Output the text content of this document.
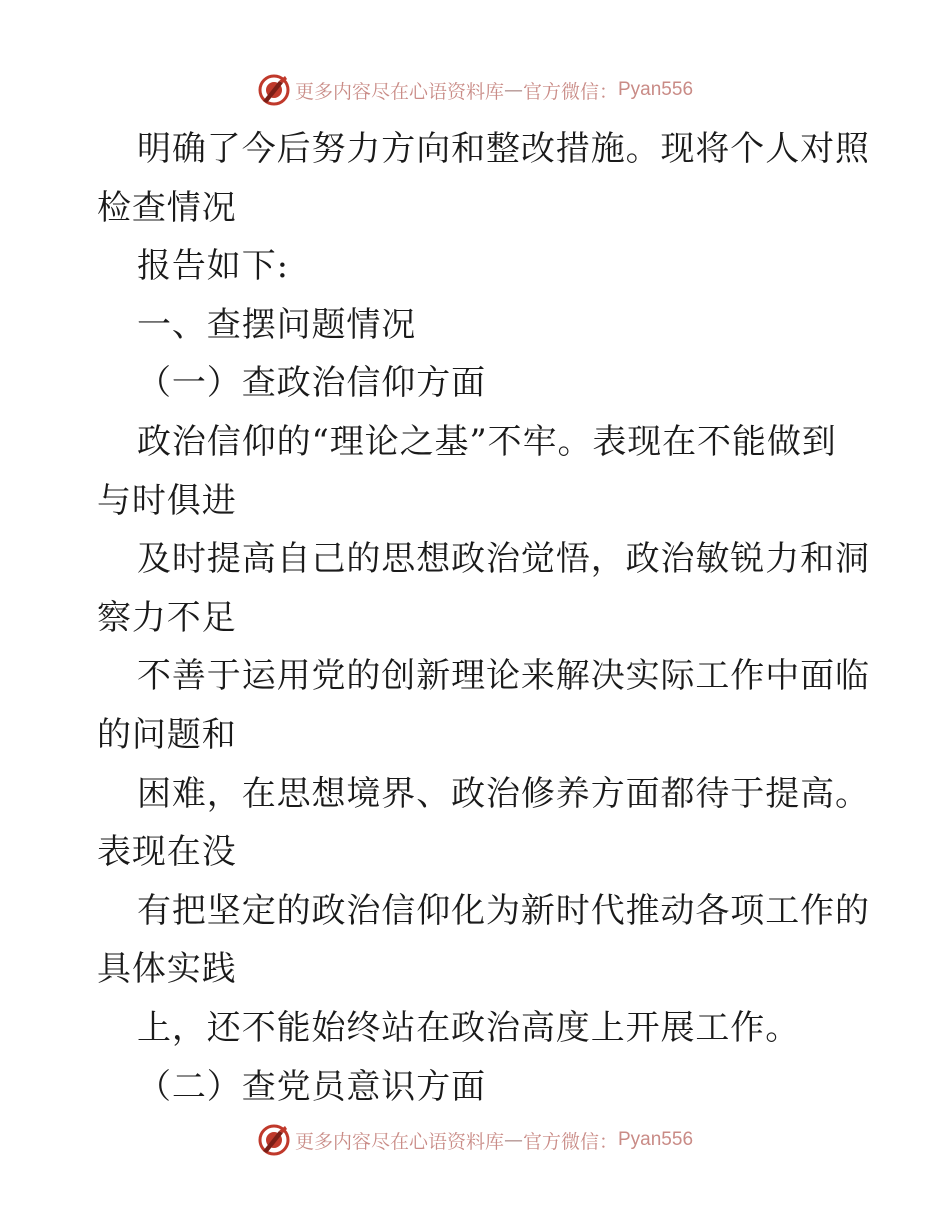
更多内容尽在心语资料库 — 官方微信： Pyan556
明确了今后努力方向和整改措施。现将个人对照
检查情况
报告如下:
一、查摆问题情况
（一）查政治信仰方面
政治信仰的“理论之基”不牢。表现在不能做到
与时俱进
及时提高自己的思想政治觉悟，政治敏锐力和洞
察力不足
不善于运用党的创新理论来解决实际工作中面临
的问题和
困难，在思想境界、政治修养方面都待于提高。
表现在没
有把坚定的政治信仰化为新时代推动各项工作的
具体实践
上，还不能始终站在政治高度上开展工作。
（二）查党员意识方面
更多内容尽在心语资料库 — 官方微信： Pyan556
